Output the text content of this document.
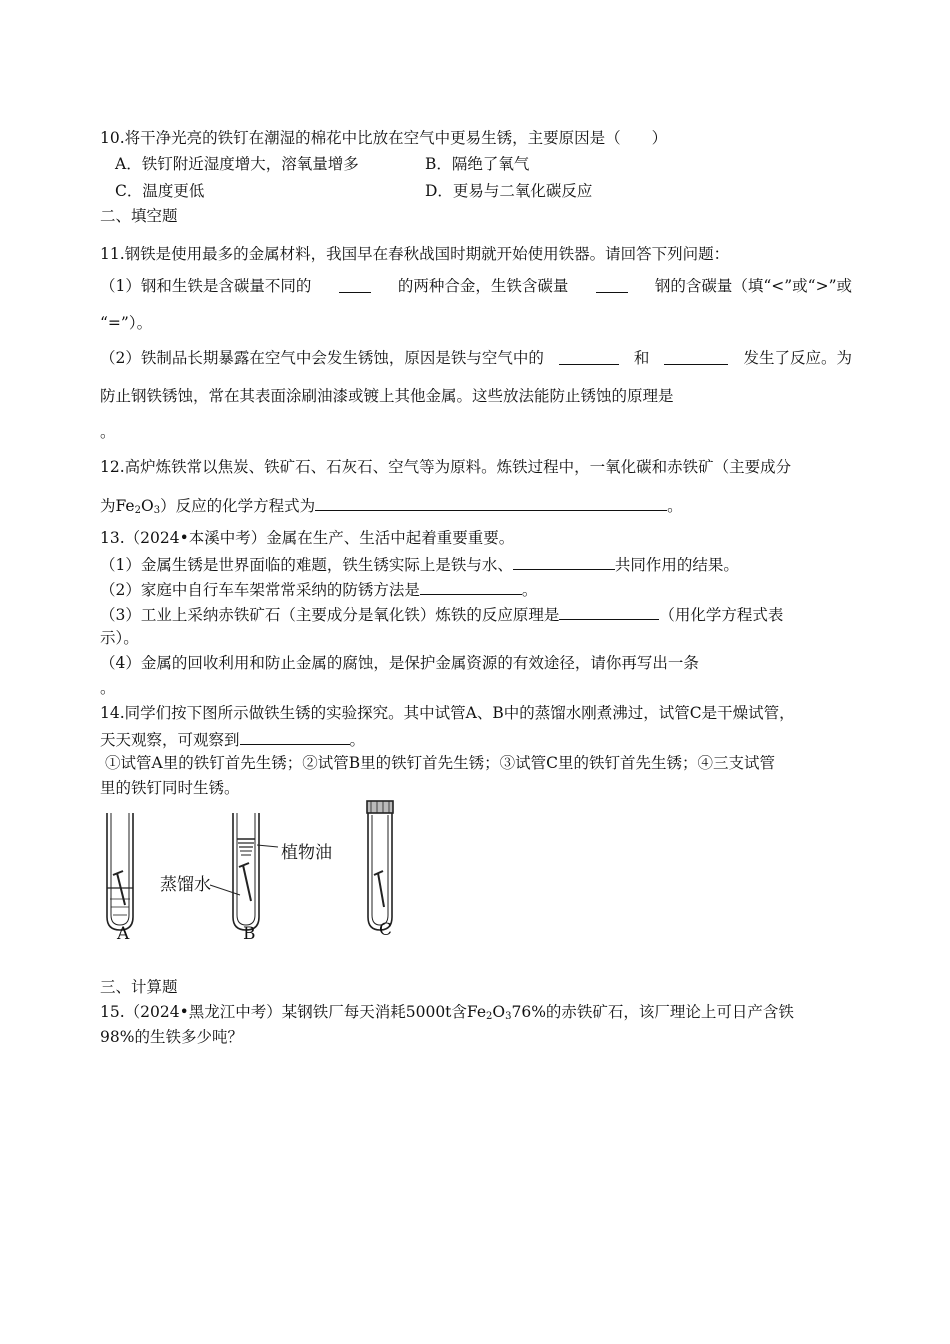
10.将干净光亮的铁钉在潮湿的棉花中比放在空气中更易生锈，主要原因是（　　）
A．铁钉附近湿度增大，溶氧量增多	B．隔绝了氧气
C．温度更低	D．更易与二氧化碳反应
二、填空题
11.钢铁是使用最多的金属材料，我国早在春秋战国时期就开始使用铁器。请回答下列问题：
（1）钢和生铁是含碳量不同的	的两种合金，生铁含碳量	钢的含碳量（填“<”或“>”或
“=”）。
（2）铁制品长期暴露在空气中会发生锈蚀，原因是铁与空气中的	和	发生了反应。为
防止钢铁锈蚀，常在其表面涂刷油漆或镀上其他金属。这些放法能防止锈蚀的原理是
。
12.高炉炼铁常以焦炭、铁矿石、石灰石、空气等为原料。炼铁过程中，一氧化碳和赤铁矿（主要成分
为$Fe_2O_3$）反应的化学方程式为	。
13.（2024•本溪中考）金属在生产、生活中起着重要重要。
（1）金属生锈是世界面临的难题，铁生锈实际上是铁与水、	共同作用的结果。
（2）家庭中自行车车架常常采纳的防锈方法是	。
（3）工业上采纳赤铁矿石（主要成分是氧化铁）炼铁的反应原理是	（用化学方程式表
示）。
（4）金属的回收利用和防止金属的腐蚀，是保护金属资源的有效途径，请你再写出一条
。
14.同学们按下图所示做铁生锈的实验探究。其中试管A、B中的蒸馏水刚煮沸过，试管C是干燥试管，
天天观察，可观察到	。
①试管A里的铁钉首先生锈；②试管B里的铁钉首先生锈；③试管C里的铁钉首先生锈；④三支试管
里的铁钉同时生锈。
蒸馏水
植物油
A	B	C
三、计算题
15.（2024•黑龙江中考）某钢铁厂每天消耗5000t含$Fe_2O_376\%$的赤铁矿石，该厂理论上可日产含铁
98%的生铁多少吨？
